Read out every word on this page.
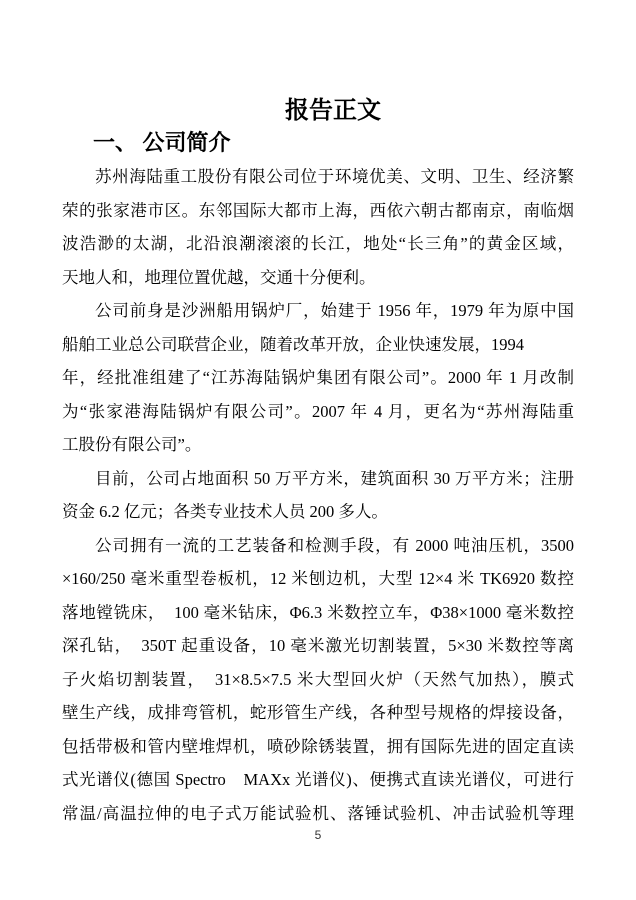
报告正文
一、 公司简介
苏州海陆重工股份有限公司位于环境优美、文明、卫生、经济繁
荣的张家港市区。东邻国际大都市上海，西依六朝古都南京，南临烟
波浩渺的太湖，北沿浪潮滚滚的长江，地处“长三角”的黄金区域，
天地人和，地理位置优越，交通十分便利。
公司前身是沙洲船用锅炉厂，始建于 1956 年，1979 年为原中国
船舶工业总公司联营企业，随着改革开放，企业快速发展，1994
年，经批准组建了“江苏海陆锅炉集团有限公司”。2000 年 1 月改制
为“张家港海陆锅炉有限公司”。2007 年 4 月，更名为“苏州海陆重
工股份有限公司”。
目前，公司占地面积 50 万平方米，建筑面积 30 万平方米；注册
资金 6.2 亿元；各类专业技术人员 200 多人。
公司拥有一流的工艺装备和检测手段，有 2000 吨油压机，3500
×160/250 毫米重型卷板机，12 米刨边机，大型 12×4 米 TK6920 数控
落地镗铣床，　100 毫米钻床，Φ6.3 米数控立车，Φ38×1000 毫米数控
深孔钻，　350T 起重设备，10 毫米激光切割装置，5×30 米数控等离
子火焰切割装置，　31×8.5×7.5 米大型回火炉（天然气加热），膜式
壁生产线，成排弯管机，蛇形管生产线，各种型号规格的焊接设备，
包括带极和管内壁堆焊机，喷砂除锈装置，拥有国际先进的固定直读
式光谱仪(德国 Spectro　MAXx 光谱仪)、便携式直读光谱仪，可进行
常温/高温拉伸的电子式万能试验机、落锤试验机、冲击试验机等理
5
